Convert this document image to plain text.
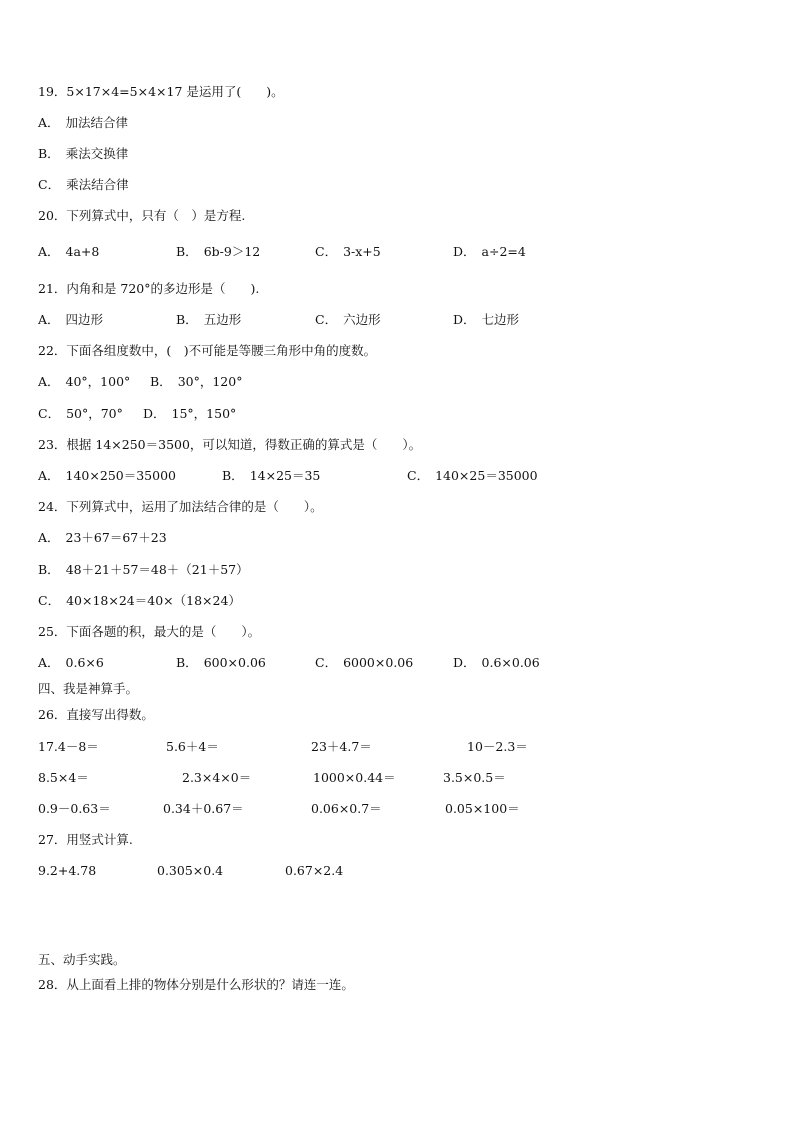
19．5×17×4=5×4×17 是运用了(　　)。
A． 加法结合律
B． 乘法交换律
C． 乘法结合律
20．下列算式中，只有（　）是方程.
A． 4a+8	B． 6b-9＞12	C． 3-x+5	D． a÷2=4
21．内角和是 720°的多边形是（　　).
A． 四边形	B． 五边形	C． 六边形	D． 七边形
22．下面各组度数中，(　)不可能是等腰三角形中角的度数。
A． 40°，100° B． 30°，120°
C． 50°，70° D． 15°，150°
23．根据 14×250＝3500，可以知道，得数正确的算式是（　　）。
A． 140×250＝35000	B． 14×25＝35	C． 140×25＝35000
24．下列算式中，运用了加法结合律的是（　　）。
A． 23＋67＝67＋23
B． 48＋21＋57＝48＋（21＋57）
C． 40×18×24＝40×（18×24）
25．下面各题的积，最大的是（　　）。
A． 0.6×6	B． 600×0.06	C． 6000×0.06	D． 0.6×0.06
四、我是神算手。
26．直接写出得数。
17.4－8＝	5.6＋4＝	23＋4.7＝	10－2.3＝
8.5×4＝	2.3×4×0＝	1000×0.44＝	3.5×0.5＝
0.9－0.63＝	0.34＋0.67＝	0.06×0.7＝	0.05×100＝
27．用竖式计算.
9.2+4.78	0.305×0.4	0.67×2.4
五、动手实践。
28．从上面看上排的物体分别是什么形状的？请连一连。
